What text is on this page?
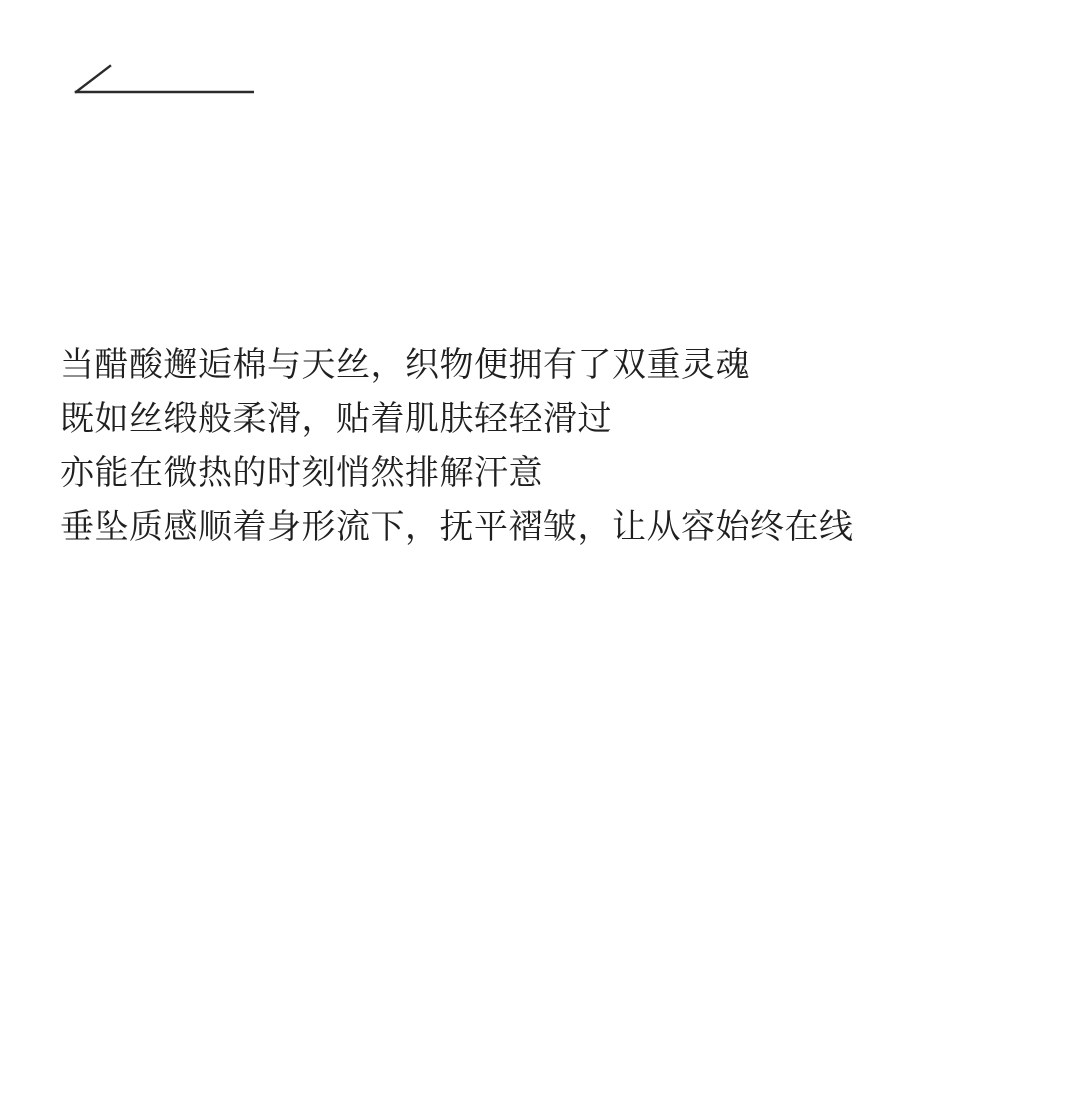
当醋酸邂逅棉与天丝，织物便拥有了双重灵魂
既如丝缎般柔滑，贴着肌肤轻轻滑过
亦能在微热的时刻悄然排解汗意
垂坠质感顺着身形流下，抚平褶皱，让从容始终在线
